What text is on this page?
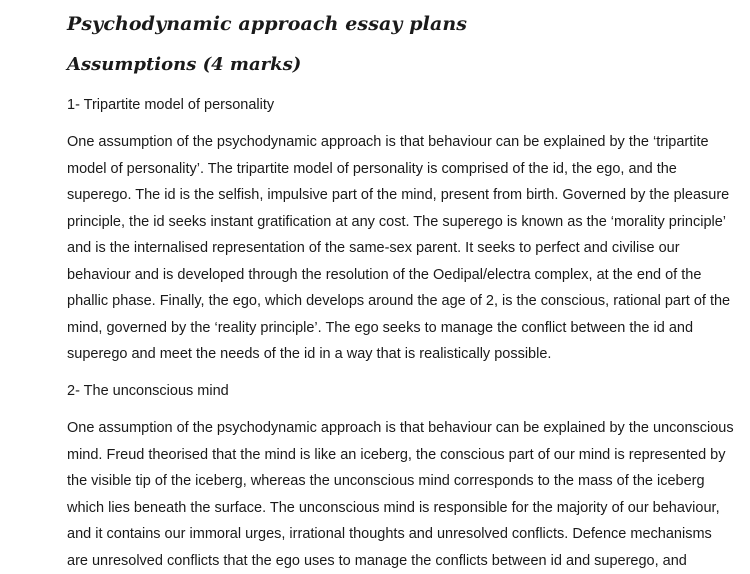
Psychodynamic approach essay plans
Assumptions (4 marks)
1- Tripartite model of personality

One assumption of the psychodynamic approach is that behaviour can be explained by the ‘tripartite
model of personality’. The tripartite model of personality is comprised of the id, the ego, and the
superego. The id is the selfish, impulsive part of the mind, present from birth. Governed by the pleasure
principle, the id seeks instant gratification at any cost. The superego is known as the ‘morality principle’
and is the internalised representation of the same-sex parent. It seeks to perfect and civilise our
behaviour and is developed through the resolution of the Oedipal/electra complex, at the end of the
phallic phase. Finally, the ego, which develops around the age of 2, is the conscious, rational part of the
mind, governed by the ‘reality principle’. The ego seeks to manage the conflict between the id and
superego and meet the needs of the id in a way that is realistically possible.

2- The unconscious mind

One assumption of the psychodynamic approach is that behaviour can be explained by the unconscious
mind. Freud theorised that the mind is like an iceberg, the conscious part of our mind is represented by
the visible tip of the iceberg, whereas the unconscious mind corresponds to the mass of the iceberg
which lies beneath the surface. The unconscious mind is responsible for the majority of our behaviour,
and it contains our immoral urges, irrational thoughts and unresolved conflicts. Defence mechanisms
are unresolved conflicts that the ego uses to manage the conflicts between id and superego, and
